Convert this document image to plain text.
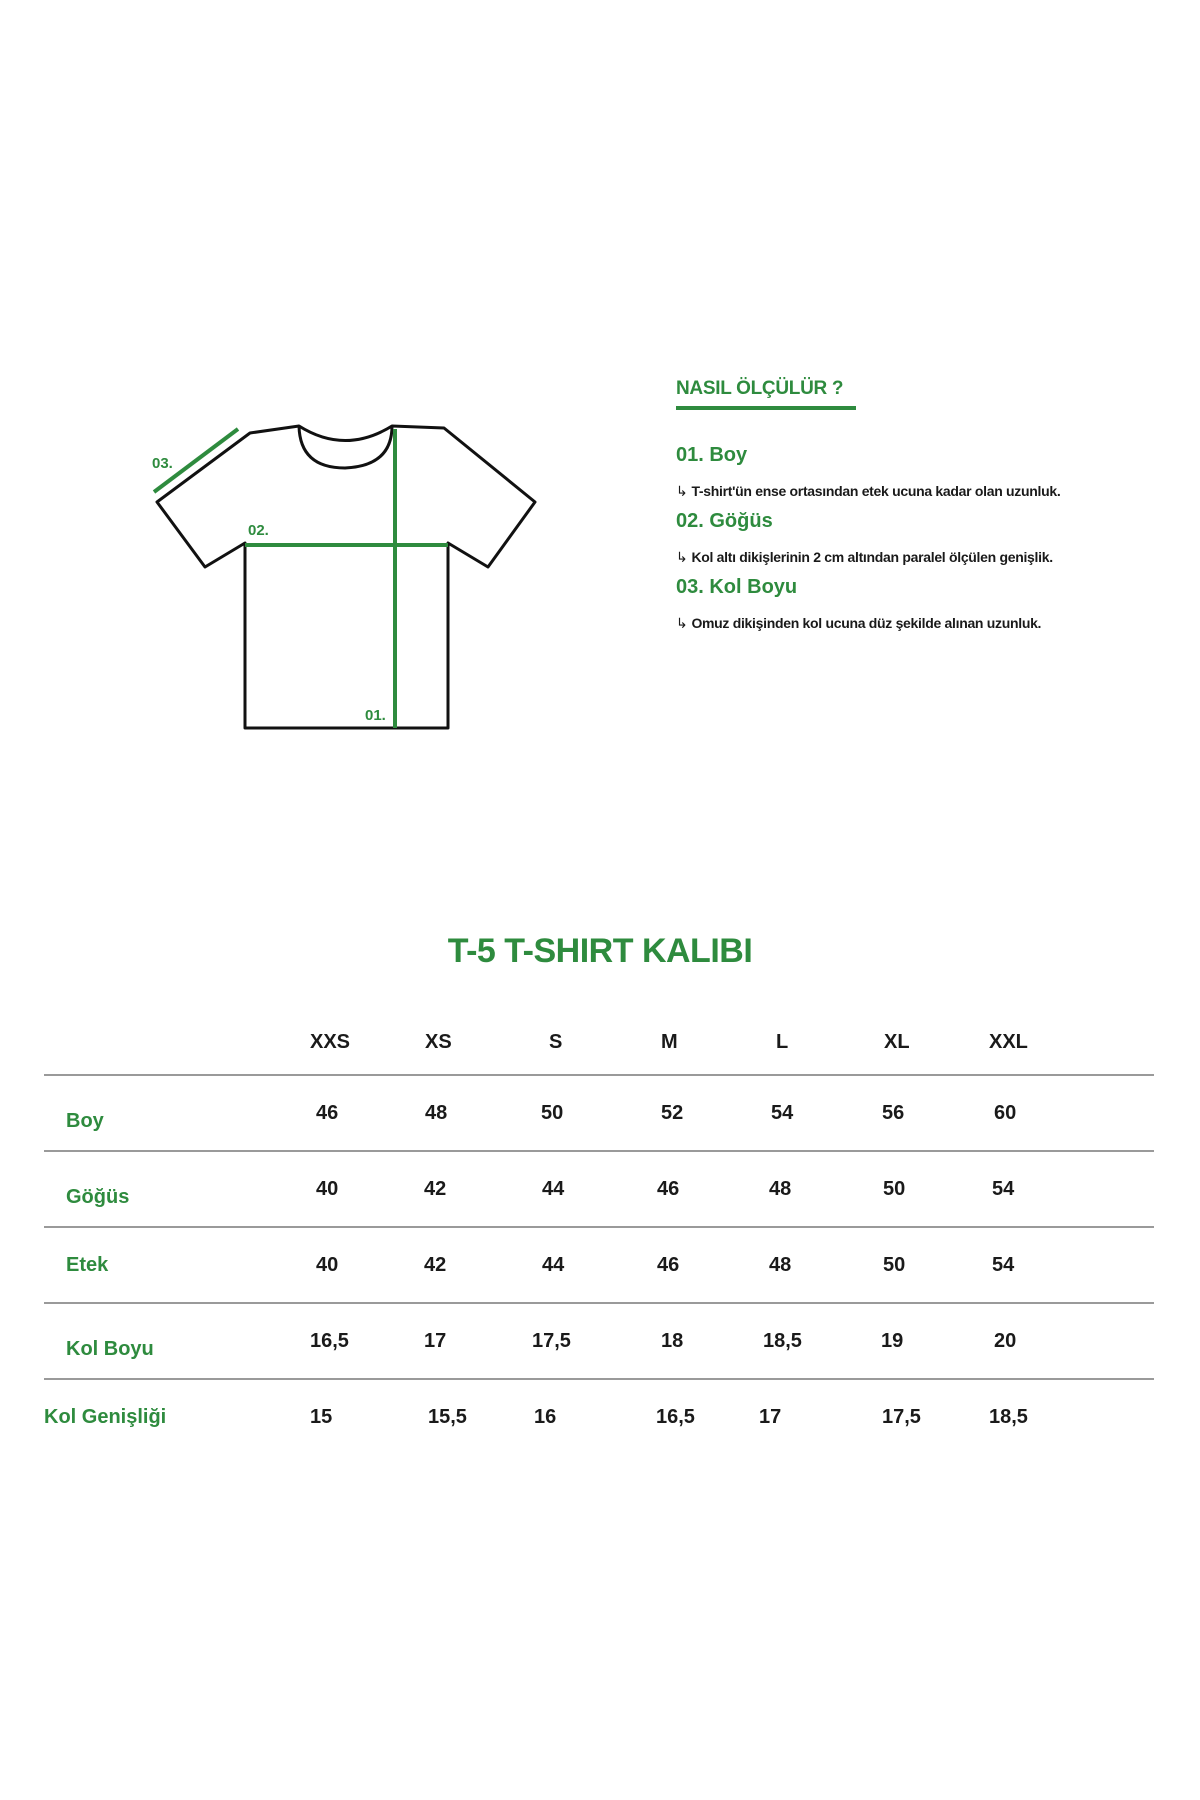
03.
02.
01.
NASIL ÖLÇÜLÜR ?
01. Boy
↳ T-shirt'ün ense ortasından etek ucuna kadar olan uzunluk.
02. Göğüs
↳ Kol altı dikişlerinin 2 cm altından paralel ölçülen genişlik.
03. Kol Boyu
↳ Omuz dikişinden kol ucuna düz şekilde alınan uzunluk.
T-5 T-SHIRT KALIBI
XXS	XS	S	M	L	XL	XXL
Boy	46	48	50	52	54	56	60
Göğüs	40	42	44	46	48	50	54
Etek	40	42	44	46	48	50	54
Kol Boyu	16,5	17	17,5	18	18,5	19	20
Kol Genişliği	15	15,5	16	16,5	17	17,5	18,5
